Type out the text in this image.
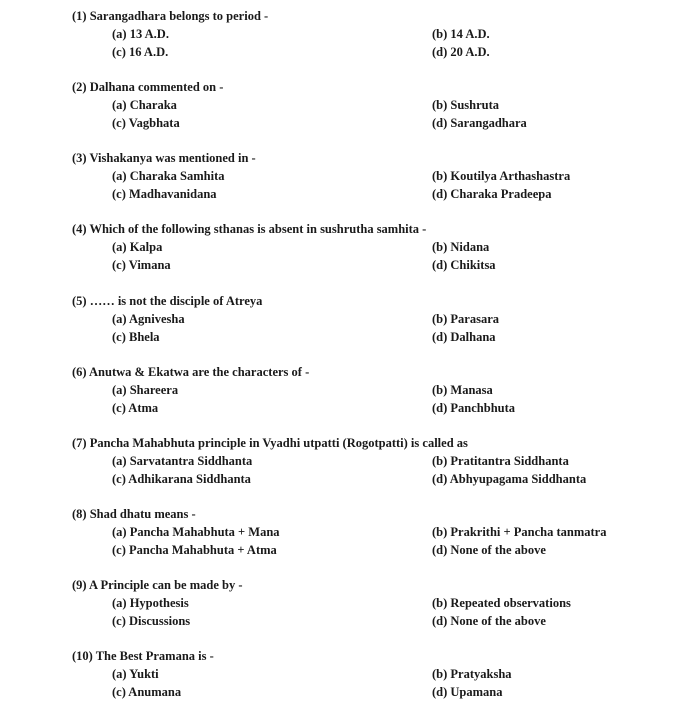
(1) Sarangadhara belongs to period -
(a) 13 A.D.	(b) 14 A.D.
(c) 16 A.D.	(d) 20 A.D.
(2) Dalhana commented on -
(a) Charaka	(b) Sushruta
(c) Vagbhata	(d) Sarangadhara
(3) Vishakanya was mentioned in -
(a) Charaka Samhita	(b) Koutilya Arthashastra
(c) Madhavanidana	(d) Charaka Pradeepa
(4) Which of the following sthanas is absent in sushrutha samhita -
(a) Kalpa	(b) Nidana
(c) Vimana	(d) Chikitsa
(5) …… is not the disciple of Atreya
(a) Agnivesha	(b) Parasara
(c) Bhela	(d) Dalhana
(6) Anutwa & Ekatwa are the characters of -
(a) Shareera	(b) Manasa
(c) Atma	(d) Panchbhuta
(7) Pancha Mahabhuta principle in Vyadhi utpatti (Rogotpatti) is called as
(a) Sarvatantra Siddhanta	(b) Pratitantra Siddhanta
(c) Adhikarana Siddhanta	(d) Abhyupagama Siddhanta
(8) Shad dhatu means -
(a) Pancha Mahabhuta + Mana	(b) Prakrithi + Pancha tanmatra
(c) Pancha Mahabhuta + Atma	(d) None of the above
(9) A Principle can be made by -
(a) Hypothesis	(b) Repeated observations
(c) Discussions	(d) None of the above
(10) The Best Pramana is -
(a) Yukti	(b) Pratyaksha
(c) Anumana	(d) Upamana
